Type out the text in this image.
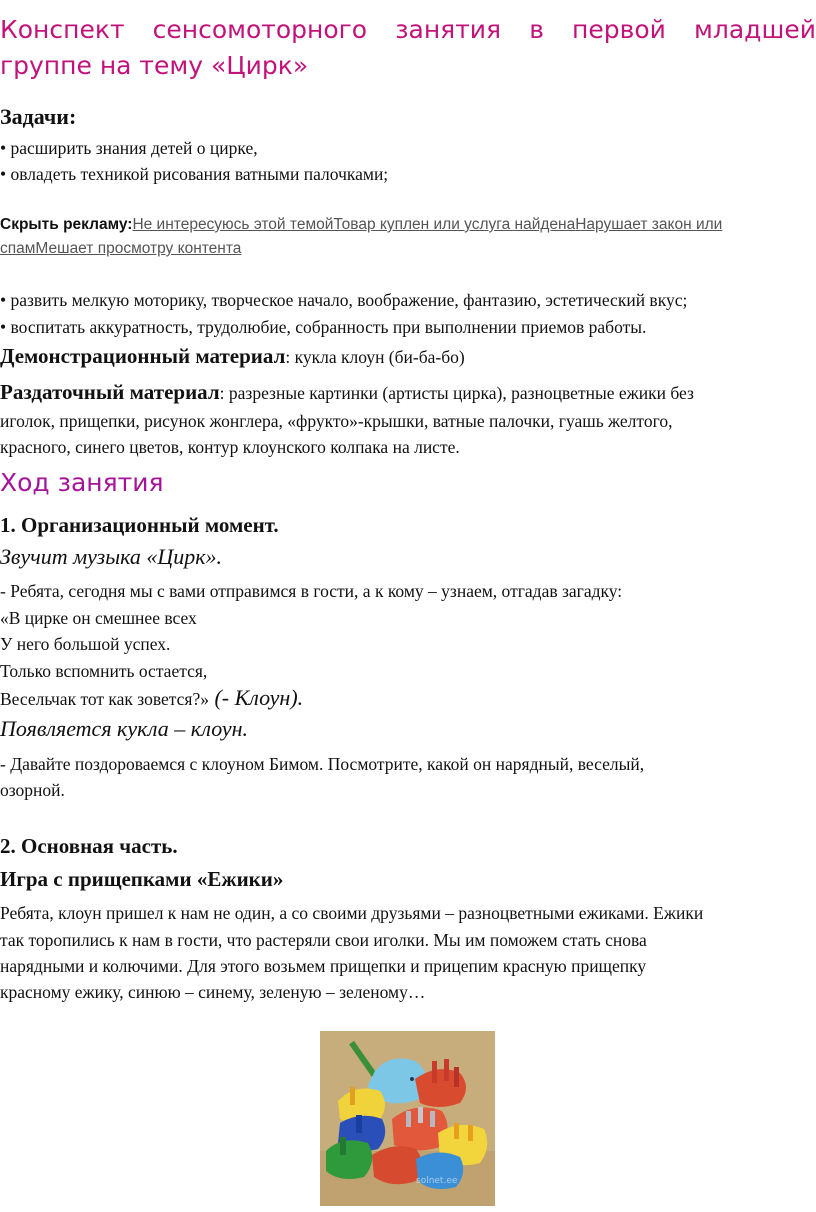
Конспект сенсомоторного занятия в первой младшей
группе на тему «Цирк»
Задачи:
• расширить знания детей о цирке,
• овладеть техникой рисования ватными палочками;
Скрыть рекламу:Не интересуюсь этой темойТовар куплен или услуга найденаНарушает закон или спамМешает просмотру контента
• развить мелкую моторику, творческое начало, воображение, фантазию, эстетический вкус;
• воспитать аккуратность, трудолюбие, собранность при выполнении приемов работы.
Демонстрационный материал: кукла клоун (би-ба-бо)
Раздаточный материал: разрезные картинки (артисты цирка), разноцветные ежики без
иголок, прищепки, рисунок жонглера, «фрукто»-крышки, ватные палочки, гуашь желтого,
красного, синего цветов, контур клоунского колпака на листе.
Ход занятия
1. Организационный момент.
Звучит музыка «Цирк».
- Ребята, сегодня мы с вами отправимся в гости, а к кому – узнаем, отгадав загадку:
«В цирке он смешнее всех
У него большой успех.
Только вспомнить остается,
Весельчак тот как зовется?» (- Клоун).
Появляется кукла – клоун.
- Давайте поздороваемся с клоуном Бимом. Посмотрите, какой он нарядный, веселый,
озорной.
2. Основная часть.
Игра с прищепками «Ежики»
Ребята, клоун пришел к нам не один, а со своими друзьями – разноцветными ежиками. Ежики
так торопились к нам в гости, что растеряли свои иголки. Мы им поможем стать снова
нарядными и колючими. Для этого возьмем прищепки и прицепим красную прищепку
красному ежику, синюю – синему, зеленую – зеленому…
solnet.ee
